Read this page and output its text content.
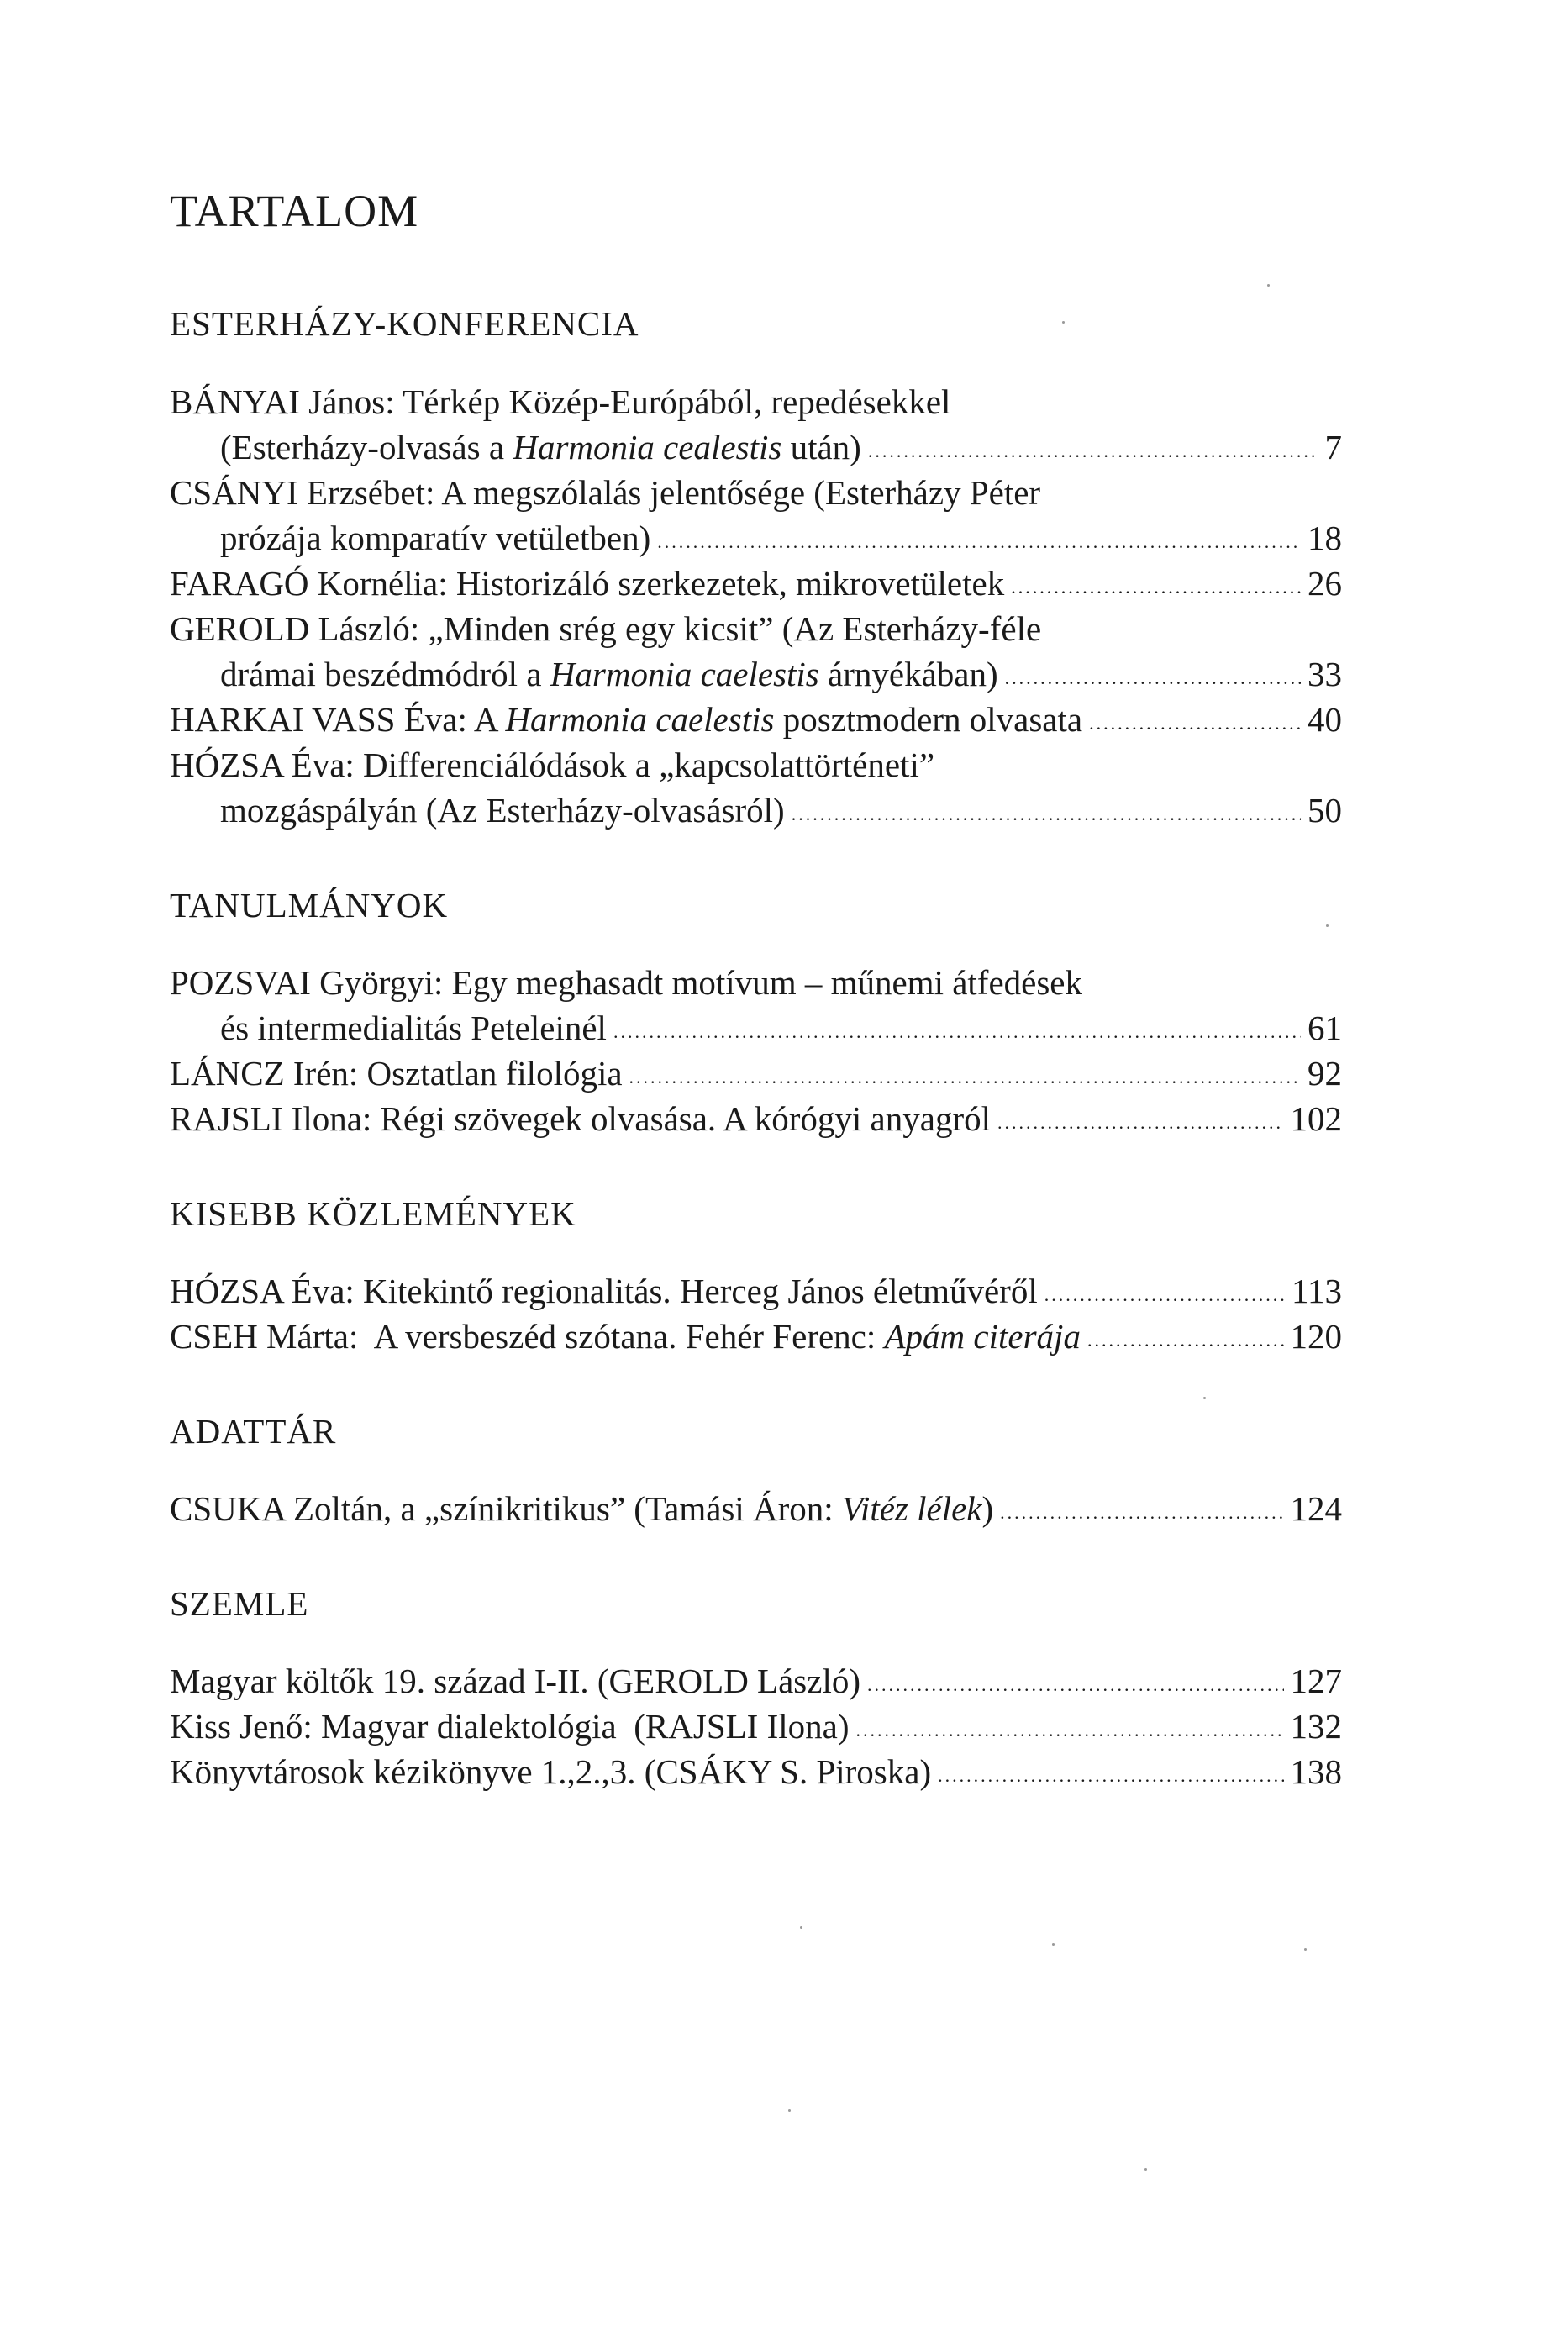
TARTALOM
ESTERHÁZY-KONFERENCIA
BÁNYAI János: Térkép Közép-Európából, repedésekkel
(Esterházy-olvasás a Harmonia cealestis után) .....	7
CSÁNYI Erzsébet: A megszólalás jelentősége (Esterházy Péter
prózája komparatív vetületben) .....	18
FARAGÓ Kornélia: Historizáló szerkezetek, mikrovetületek .....	26
GEROLD László: „Minden srég egy kicsit” (Az Esterházy-féle
drámai beszédmódról a Harmonia caelestis árnyékában) .....	33
HARKAI VASS Éva: A Harmonia caelestis posztmodern olvasata .....	40
HÓZSA Éva: Differenciálódások a „kapcsolattörténeti”
mozgáspályán (Az Esterházy-olvasásról) .....	50
TANULMÁNYOK
POZSVAI Györgyi: Egy meghasadt motívum – műnemi átfedések
és intermedialitás Peteleinél .....	61
LÁNCZ Irén: Osztatlan filológia .....	92
RAJSLI Ilona: Régi szövegek olvasása. A kórógyi anyagról .....	102
KISEBB KÖZLEMÉNYEK
HÓZSA Éva: Kitekintő regionalitás. Herceg János életművéről .....	113
CSEH Márta:  A versbeszéd szótana. Fehér Ferenc: Apám citerája .....	120
ADATTÁR
CSUKA Zoltán, a „színikritikus” (Tamási Áron: Vitéz lélek) .....	124
SZEMLE
Magyar költők 19. század I-II. (GEROLD László) .....	127
Kiss Jenő: Magyar dialektológia  (RAJSLI Ilona) .....	132
Könyvtárosok kézikönyve 1.,2.,3. (CSÁKY S. Piroska) .....	138
